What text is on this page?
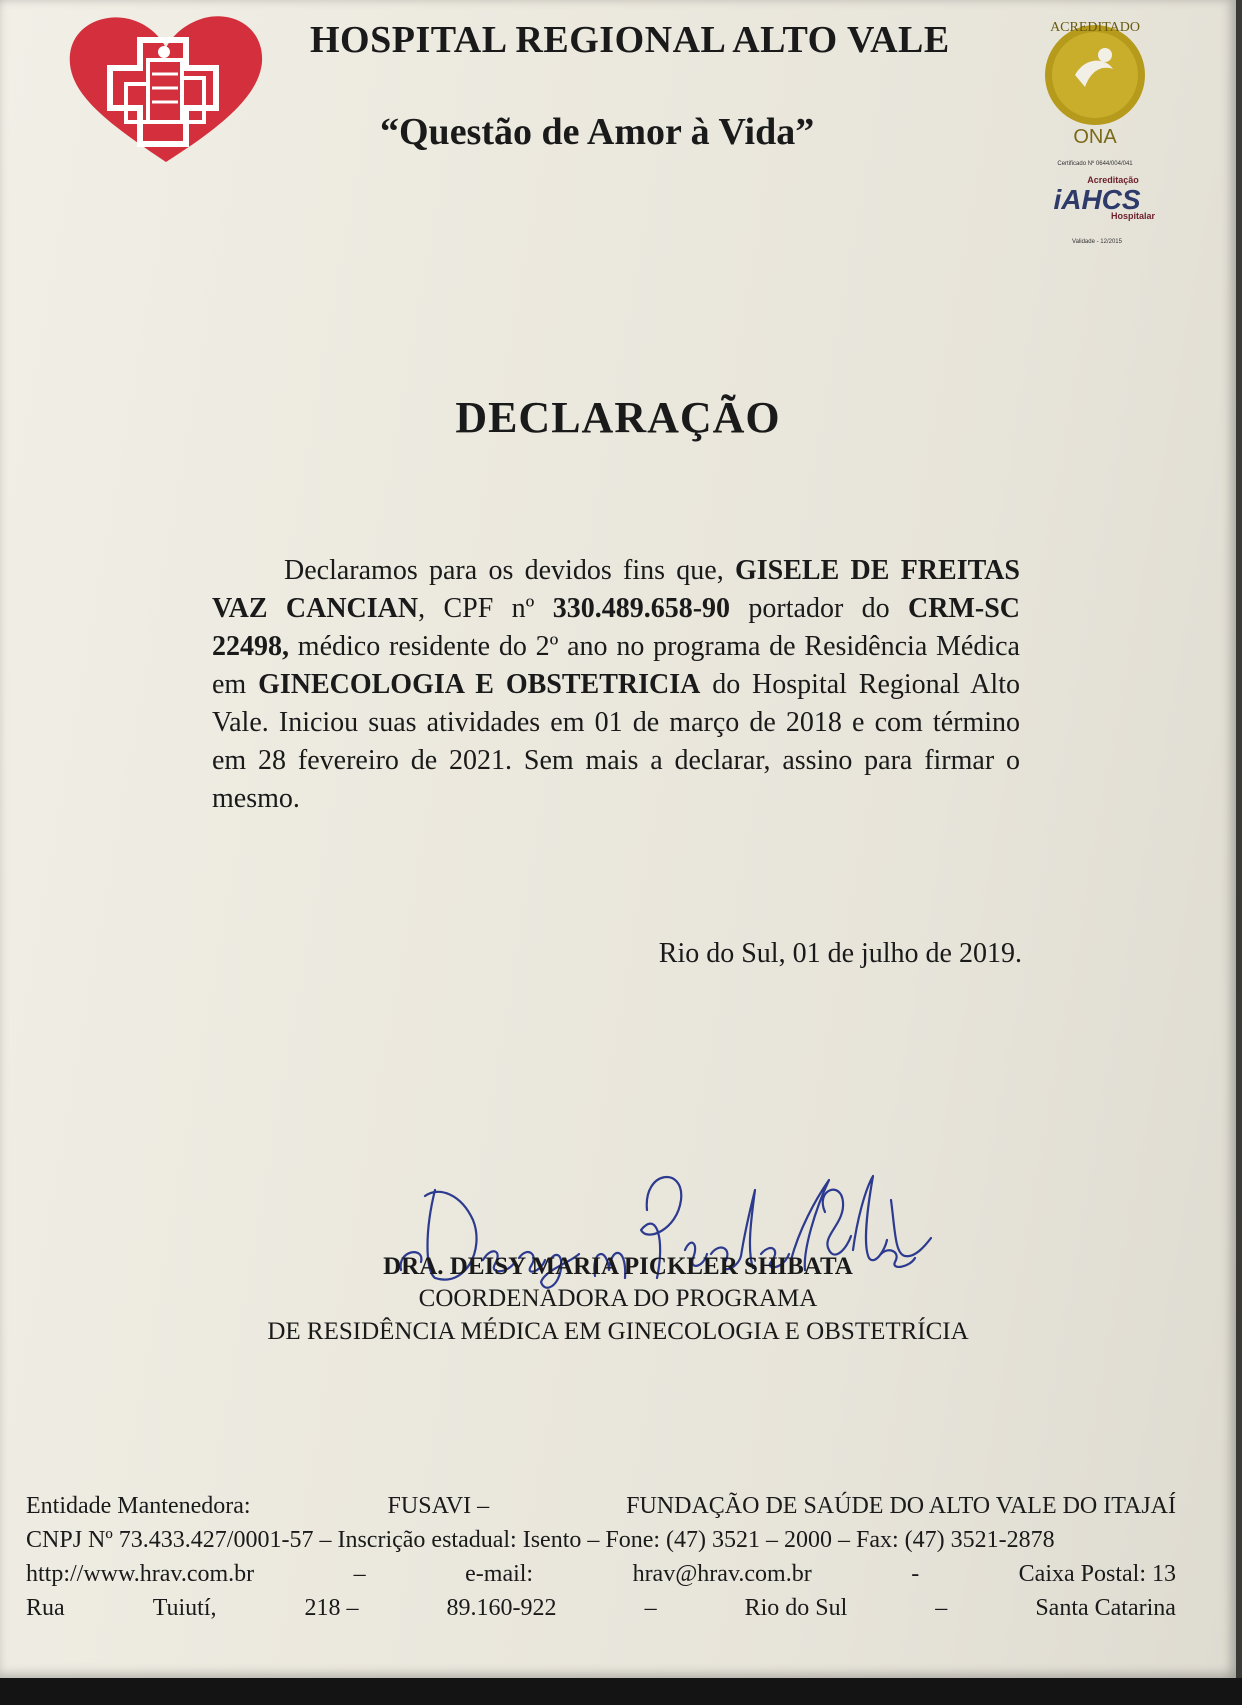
HOSPITAL REGIONAL ALTO VALE
“Questão de Amor à Vida”
ACREDITADO
ONA
Certificado Nº 0644/004/041
Acreditação
iAHCS
Hospitalar
Validade - 12/2015
DECLARAÇÃO
Declaramos para os devidos fins que, GISELE DE FREITAS VAZ CANCIAN, CPF nº 330.489.658-90 portador do CRM-SC 22498, médico residente do 2º ano no programa de Residência Médica em GINECOLOGIA E OBSTETRICIA do Hospital Regional Alto Vale. Iniciou suas atividades em 01 de março de 2018 e com término em 28 fevereiro de 2021. Sem mais a declarar, assino para firmar o mesmo.
Rio do Sul, 01 de julho de 2019.
DRA. DEISY MARIA PICKLER SHIBATA
COORDENADORA DO PROGRAMA
DE RESIDÊNCIA MÉDICA EM GINECOLOGIA E OBSTETRÍCIA
Entidade Mantenedora:	FUSAVI –	FUNDAÇÃO DE SAÚDE DO ALTO VALE DO ITAJAÍ
CNPJ Nº 73.433.427/0001-57 – Inscrição estadual: Isento – Fone: (47) 3521 – 2000 – Fax: (47) 3521-2878
http://www.hrav.com.br	–	e-mail:	hrav@hrav.com.br	-	Caixa Postal: 13
Rua	Tuiutí,	218 –	89.160-922	–	Rio do Sul	–	Santa Catarina
